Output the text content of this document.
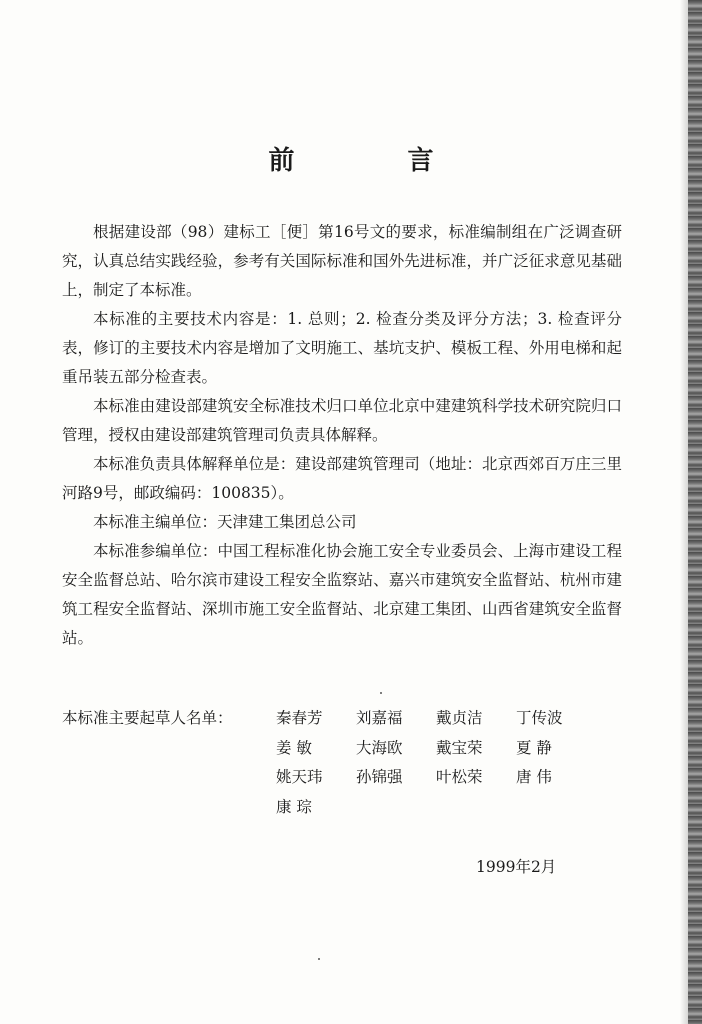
前 言

根据建设部（98）建标工［便］第16号文的要求，标准编制组在广泛调查研究，认真总结实践经验，参考有关国际标准和国外先进标准，并广泛征求意见基础上，制定了本标准。

本标准的主要技术内容是：1. 总则；2. 检查分类及评分方法；3. 检查评分表，修订的主要技术内容是增加了文明施工、基坑支护、模板工程、外用电梯和起重吊装五部分检查表。

本标准由建设部建筑安全标准技术归口单位北京中建建筑科学技术研究院归口管理，授权由建设部建筑管理司负责具体解释。

本标准负责具体解释单位是：建设部建筑管理司（地址：北京西郊百万庄三里河路9号，邮政编码：100835）。

本标准主编单位：天津建工集团总公司

本标准参编单位：中国工程标准化协会施工安全专业委员会、上海市建设工程安全监督总站、哈尔滨市建设工程安全监察站、嘉兴市建筑安全监督站、杭州市建筑工程安全监督站、深圳市施工安全监督站、北京建工集团、山西省建筑安全监督站。

本标准主要起草人名单：	秦春芳 刘嘉福 戴贞洁 丁传波
姜 敏	大海欧 戴宝荣 夏 静
姚天玮 孙锦强 叶松荣 唐 伟
康 琮
1999年2月
